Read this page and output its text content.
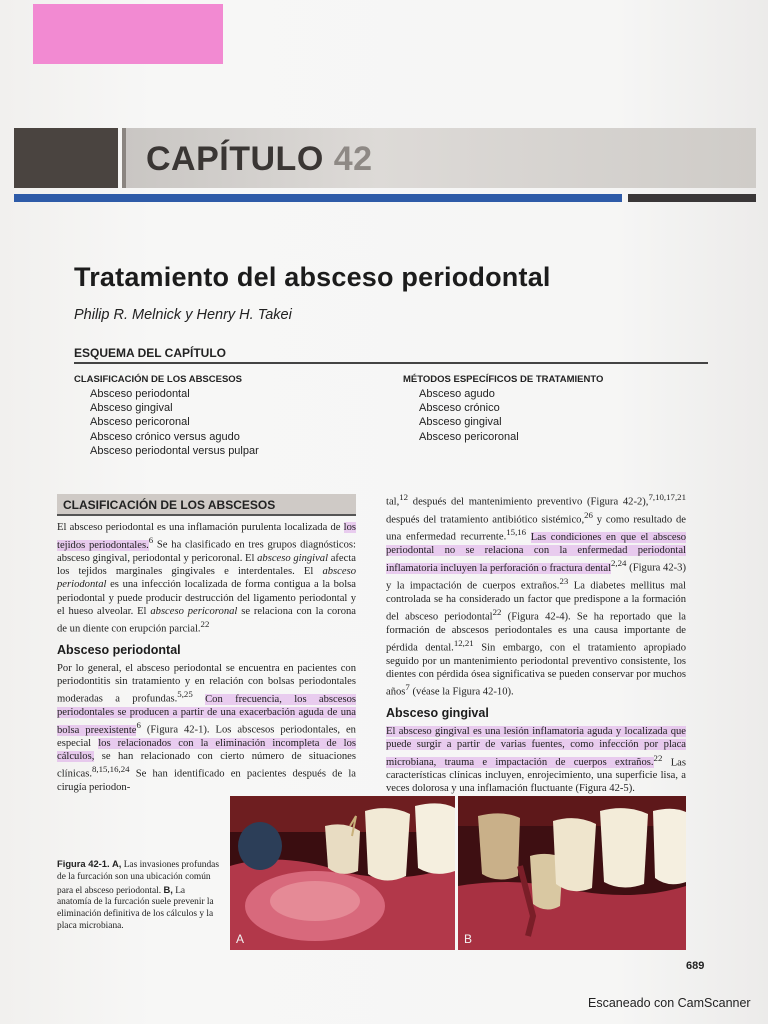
CAPÍTULO 42
Tratamiento del absceso periodontal
Philip R. Melnick y Henry H. Takei
ESQUEMA DEL CAPÍTULO
CLASIFICACIÓN DE LOS ABSCESOS
Absceso periodontal
Absceso gingival
Absceso pericoronal
Absceso crónico versus agudo
Absceso periodontal versus pulpar
MÉTODOS ESPECÍFICOS DE TRATAMIENTO
Absceso agudo
Absceso crónico
Absceso gingival
Absceso pericoronal
CLASIFICACIÓN DE LOS ABSCESOS

El absceso periodontal es una inflamación purulenta localizada de los tejidos periodontales.$^6$ Se ha clasificado en tres grupos diagnósticos: absceso gingival, periodontal y pericoronal. El absceso gingival afecta los tejidos marginales gingivales e interdentales. El absceso periodontal es una infección localizada de forma contigua a la bolsa periodontal y puede producir destrucción del ligamento periodontal y el hueso alveolar. El absceso pericoronal se relaciona con la corona de un diente con erupción parcial.$^{22}$

Absceso periodontal

Por lo general, el absceso periodontal se encuentra en pacientes con periodontitis sin tratamiento y en relación con bolsas periodontales moderadas a profundas.$^{5,25}$ Con frecuencia, los abscesos periodontales se producen a partir de una exacerbación aguda de una bolsa preexistente$^6$ (Figura 42-1). Los abscesos periodontales, en especial los relacionados con la eliminación incompleta de los cálculos, se han relacionado con cierto número de situaciones clínicas.$^{8,15,16,24}$ Se han identificado en pacientes después de la cirugía periodon-

tal,$^{12}$ después del mantenimiento preventivo (Figura 42-2),$^{7,10,17,21}$ después del tratamiento antibiótico sistémico,$^{26}$ y como resultado de una enfermedad recurrente.$^{15,16}$ Las condiciones en que el absceso periodontal no se relaciona con la enfermedad periodontal inflamatoria incluyen la perforación o fractura dental$^{2,24}$ (Figura 42-3) y la impactación de cuerpos extraños.$^{23}$ La diabetes mellitus mal controlada se ha considerado un factor que predispone a la formación del absceso periodontal$^{22}$ (Figura 42-4). Se ha reportado que la formación de abscesos periodontales es una causa importante de pérdida dental.$^{12,21}$ Sin embargo, con el tratamiento apropiado seguido por un mantenimiento periodontal preventivo consistente, los dientes con pérdida ósea significativa se pueden conservar por muchos años$^7$ (véase la Figura 42-10).

Absceso gingival

El absceso gingival es una lesión inflamatoria aguda y localizada que puede surgir a partir de varias fuentes, como infección por placa microbiana, trauma e impactación de cuerpos extraños.$^{22}$ Las características clínicas incluyen, enrojecimiento, una superficie lisa, a veces dolorosa y una inflamación fluctuante (Figura 42-5).

Figura 42-1. A, Las invasiones profundas de la furcación son una ubicación común para el absceso periodontal. B, La anatomía de la furcación suele prevenir la eliminación definitiva de los cálculos y la placa microbiana.
A	B
689
Escaneado con CamScanner
